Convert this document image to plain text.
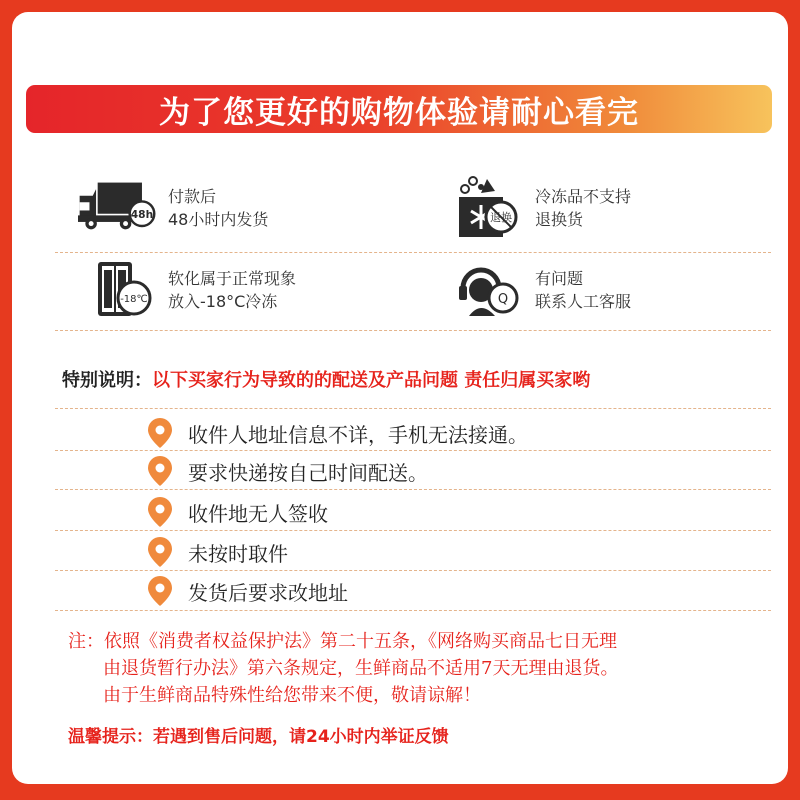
为了您更好的购物体验请耐心看完
48h
付款后
48小时内发货	退换
冷冻品不支持
退换货
-18℃
软化属于正常现象
放入-18°C冷冻	Q
有问题
联系人工客服
特别说明：以下买家行为导致的的配送及产品问题 责任归属买家哟
收件人地址信息不详，手机无法接通。
要求快递按自己时间配送。
收件地无人签收
未按时取件
发货后要求改地址
注：依照《消费者权益保护法》第二十五条，《网络购买商品七日无理
由退货暂行办法》第六条规定，生鲜商品不适用7天无理由退货。
由于生鲜商品特殊性给您带来不便，敬请谅解！
温馨提示：若遇到售后问题，请24小时内举证反馈
